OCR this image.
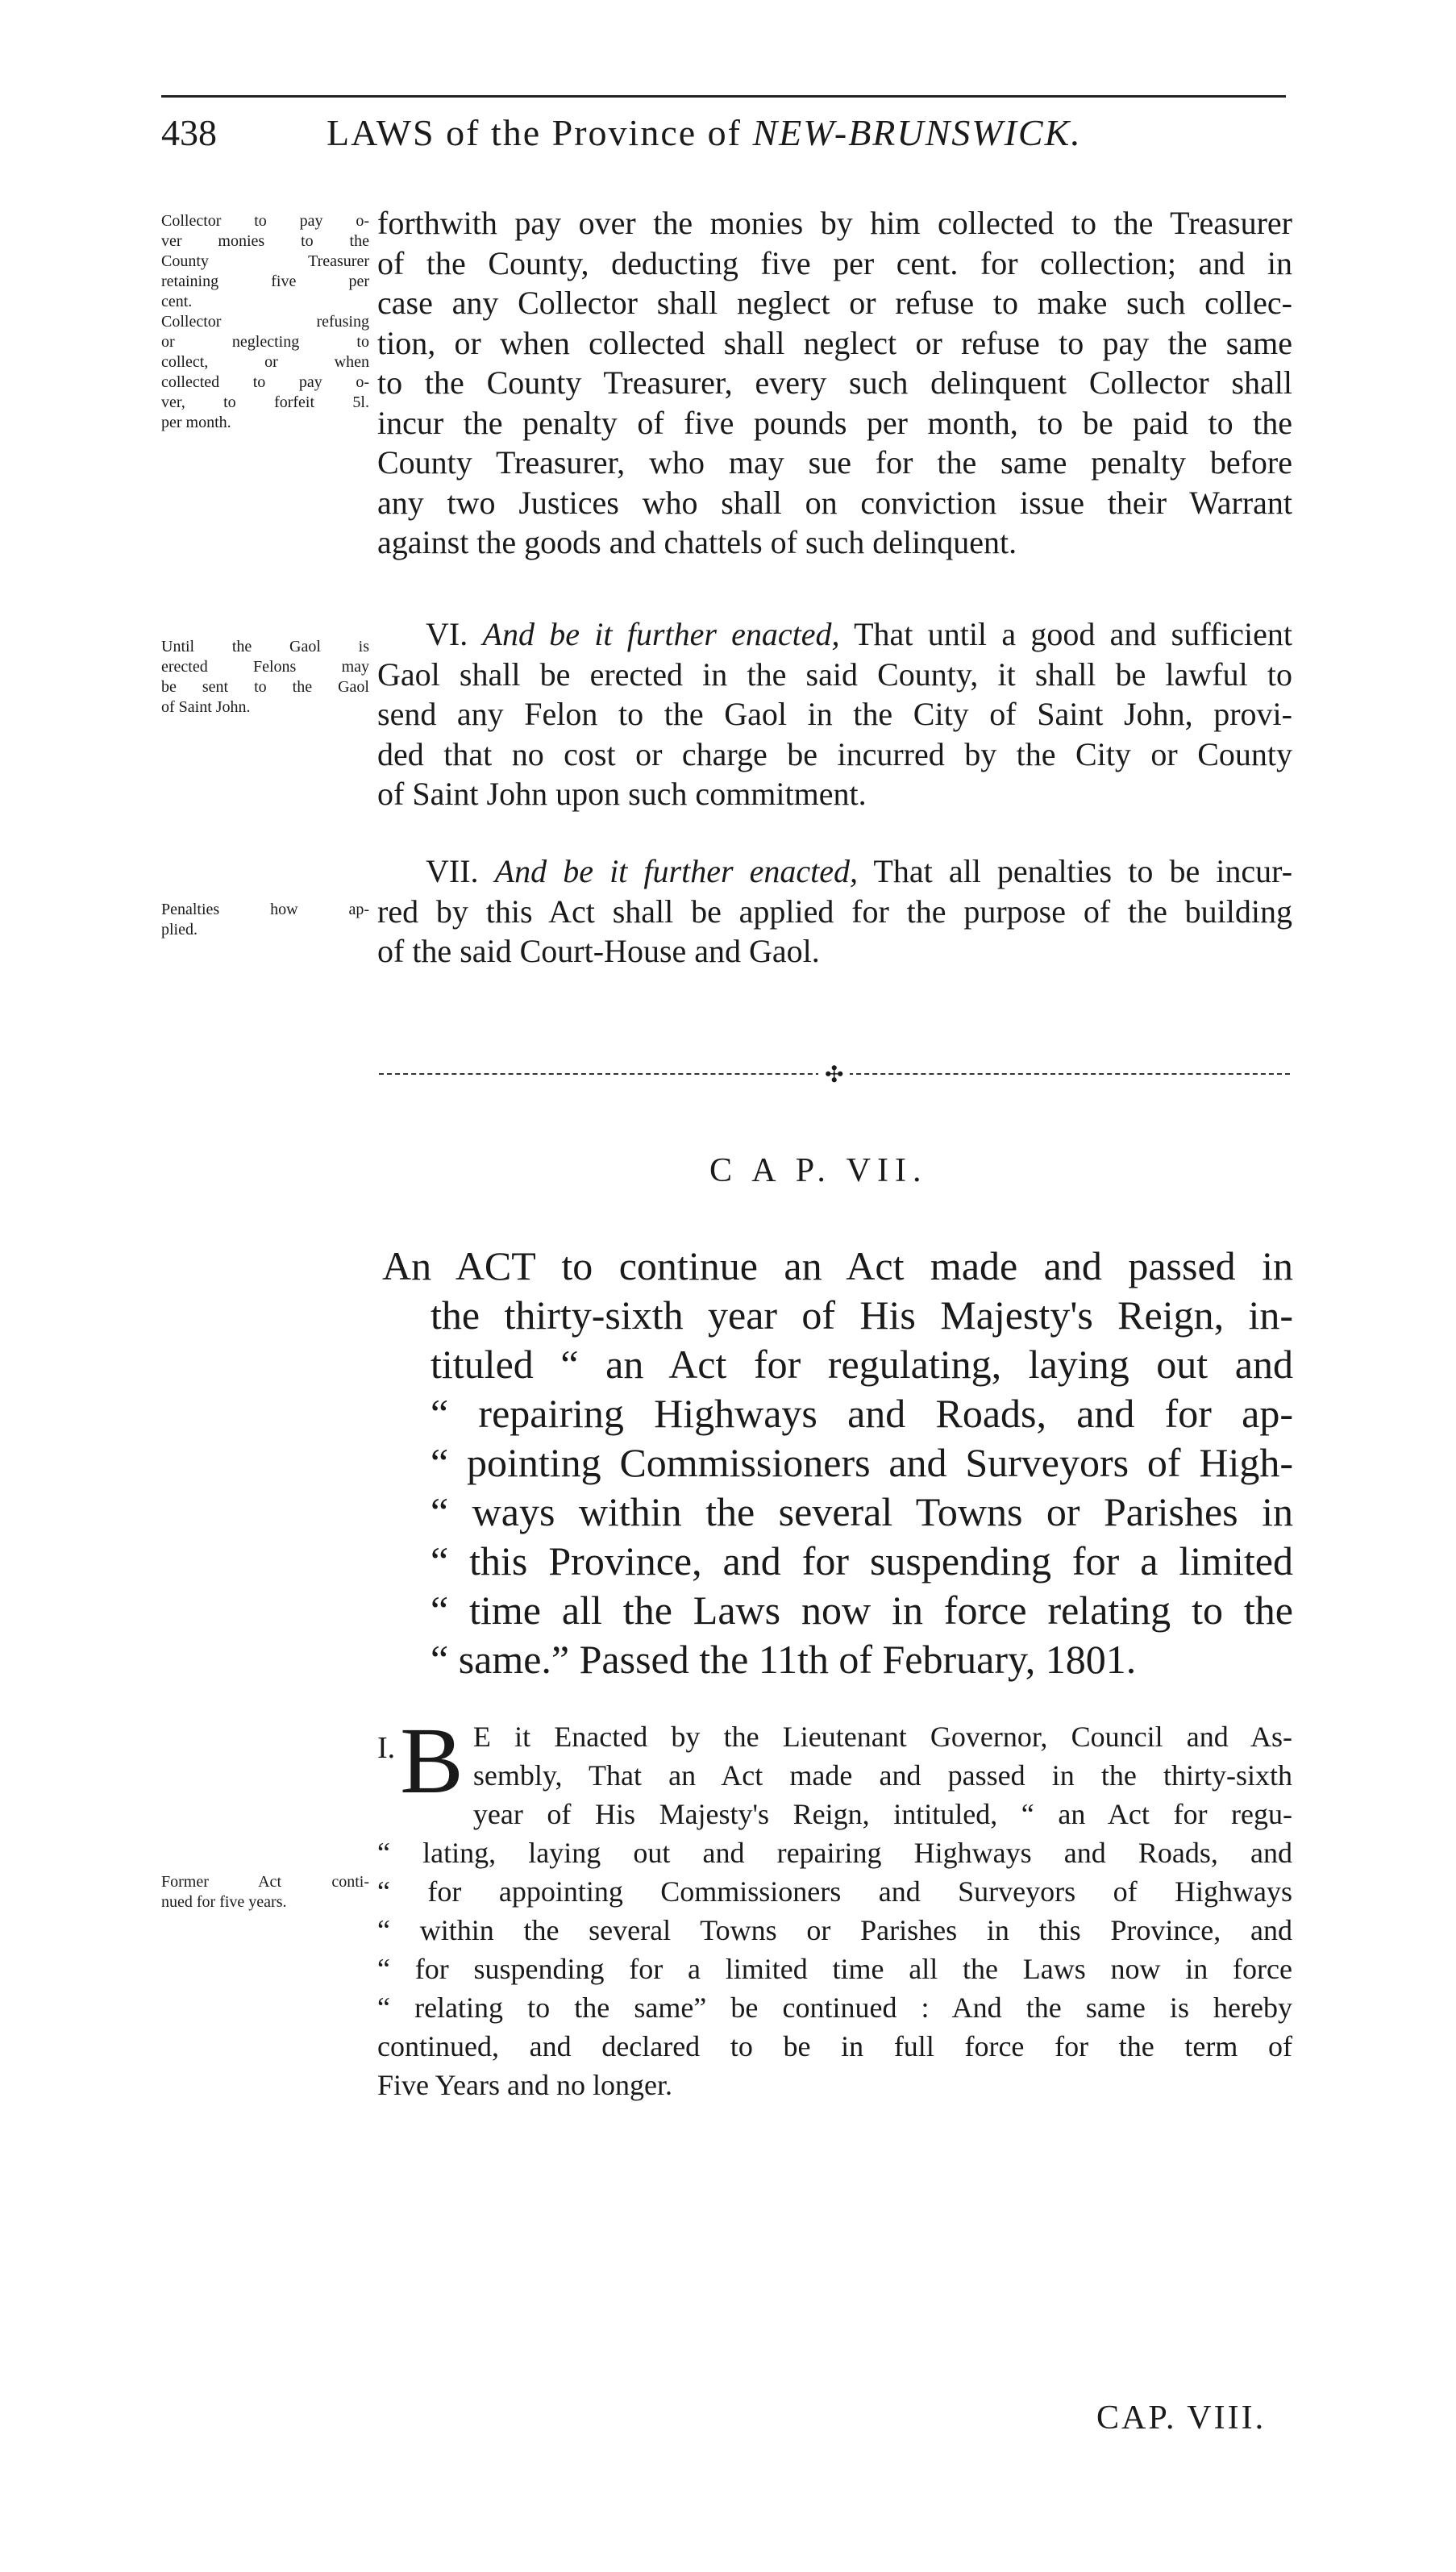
438	LAWS of the Province of NEW-BRUNSWICK.
forthwith pay over the monies by him collected to the Treasurer
of the County, deducting five per cent. for collection; and in
case any Collector shall neglect or refuse to make such collec-
tion, or when collected shall neglect or refuse to pay the same
to the County Treasurer, every such delinquent Collector shall
incur the penalty of five pounds per month, to be paid to the
County Treasurer, who may sue for the same penalty before
any two Justices who shall on conviction issue their Warrant
against the goods and chattels of such delinquent.
Collector to pay o-
ver monies to the
County Treasurer
retaining five per
cent.
Collector refusing
or neglecting to
collect, or when
collected to pay o-
ver, to forfeit 5l.
per month.
VI. And be it further enacted, That until a good and sufficient
Gaol shall be erected in the said County, it shall be lawful to
send any Felon to the Gaol in the City of Saint John, provi-
ded that no cost or charge be incurred by the City or County
of Saint John upon such commitment.
Until the Gaol is
erected Felons may
be sent to the Gaol
of Saint John.
VII. And be it further enacted, That all penalties to be incur-
red by this Act shall be applied for the purpose of the building
of the said Court-House and Gaol.
Penalties how ap-
plied.
✣
C A P. VII.
An ACT to continue an Act made and passed in
the thirty-sixth year of His Majesty's Reign, in-
tituled “ an Act for regulating, laying out and
“ repairing Highways and Roads, and for ap-
“ pointing Commissioners and Surveyors of High-
“ ways within the several Towns or Parishes in
“ this Province, and for suspending for a limited
“ time all the Laws now in force relating to the
“ same.” Passed the 11th of February, 1801.
I. B E it Enacted by the Lieutenant Governor, Council and As-
sembly, That an Act made and passed in the thirty-sixth
year of His Majesty's Reign, intituled, “ an Act for regu-
“ lating, laying out and repairing Highways and Roads, and
“ for appointing Commissioners and Surveyors of Highways
“ within the several Towns or Parishes in this Province, and
“ for suspending for a limited time all the Laws now in force
“ relating to the same” be continued : And the same is hereby
continued, and declared to be in full force for the term of
Five Years and no longer.
Former Act conti-
nued for five years.
CAP. VIII.
